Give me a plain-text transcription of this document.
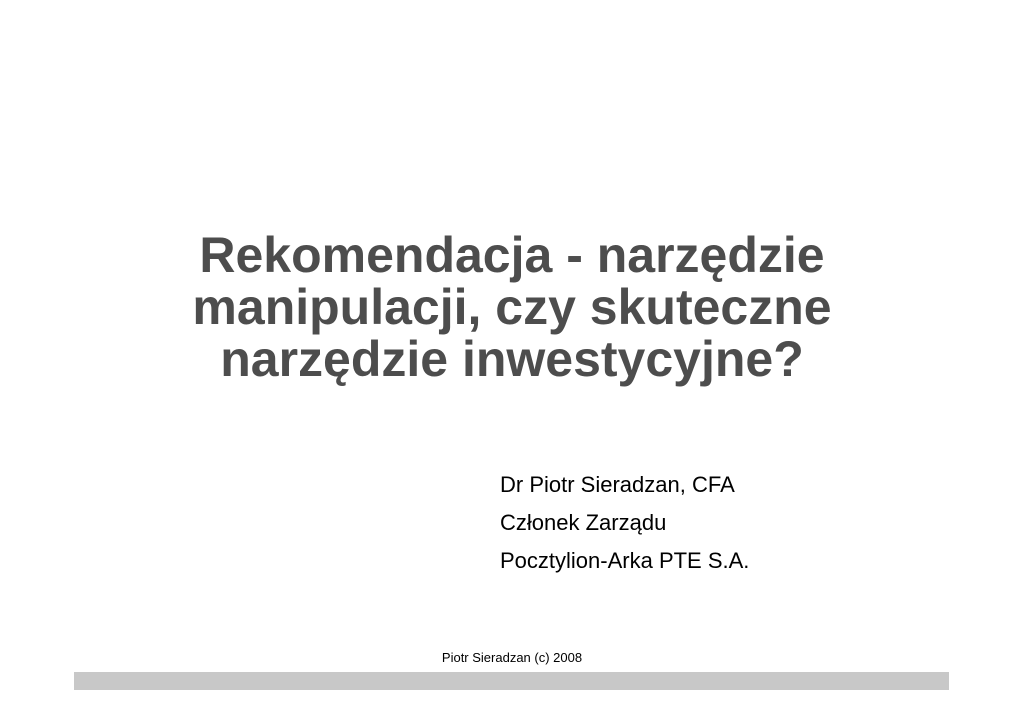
Rekomendacja - narzędzie
manipulacji, czy skuteczne
narzędzie inwestycyjne?
Dr Piotr Sieradzan, CFA
Członek Zarządu
Pocztylion-Arka PTE S.A.
Piotr Sieradzan (c) 2008
